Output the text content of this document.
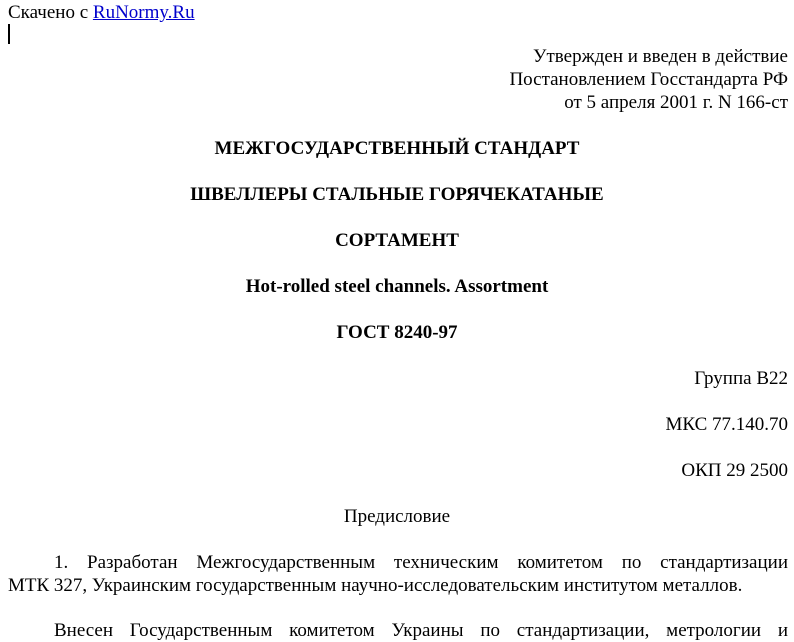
Скачено с RuNormy.Ru
Утвержден и введен в действие
Постановлением Госстандарта РФ
от 5 апреля 2001 г. N 166-ст
МЕЖГОСУДАРСТВЕННЫЙ СТАНДАРТ
ШВЕЛЛЕРЫ СТАЛЬНЫЕ ГОРЯЧЕКАТАНЫЕ
СОРТАМЕНТ
Hot-rolled steel channels. Assortment
ГОСТ 8240-97
Группа В22
МКС 77.140.70
ОКП 29 2500
Предисловие
1. Разработан Межгосударственным техническим комитетом по стандартизации
МТК 327, Украинским государственным научно-исследовательским институтом металлов.
Внесен Государственным комитетом Украины по стандартизации, метрологии и
